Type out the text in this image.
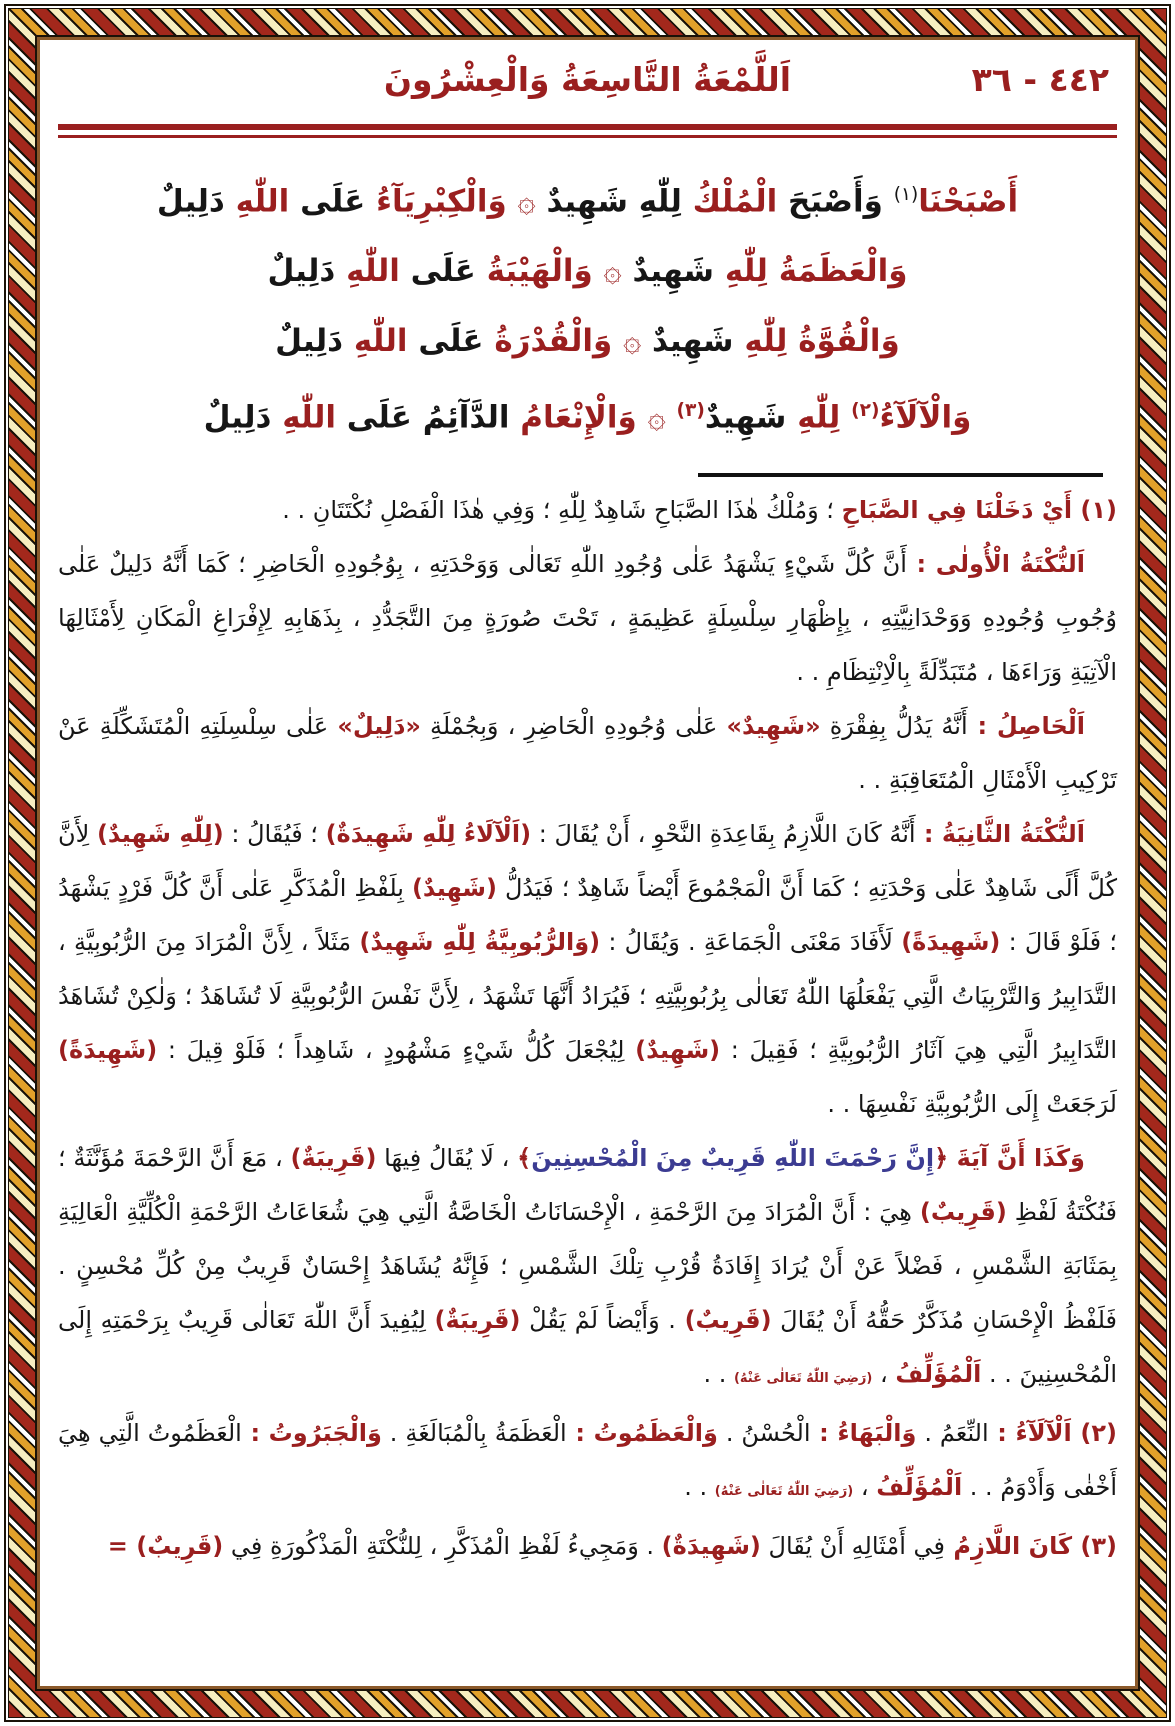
٤٤٢ - ٣٦
اَللَّمْعَةُ التَّاسِعَةُ وَالْعِشْرُونَ
أَصْبَحْنَا$^{(١)}$ وَأَصْبَحَ الْمُلْكُ لِلّٰهِ شَهِيدٌ ۞ وَالْكِبْرِيَآءُ عَلَى اللّٰهِ دَلِيلٌ
وَالْعَظَمَةُ لِلّٰهِ شَهِيدٌ ۞ وَالْهَيْبَةُ عَلَى اللّٰهِ دَلِيلٌ
وَالْقُوَّةُ لِلّٰهِ شَهِيدٌ ۞ وَالْقُدْرَةُ عَلَى اللّٰهِ دَلِيلٌ
وَالْآلَآءُ$^{(٢)}$ لِلّٰهِ شَهِيدٌ$^{(٣)}$ ۞ وَالْإِنْعَامُ الدَّآئِمُ عَلَى اللّٰهِ دَلِيلٌ

(١) أَيْ دَخَلْنَا فِي الصَّبَاحِ ؛ وَمُلْكُ هٰذَا الصَّبَاحِ شَاهِدٌ لِلّٰهِ ؛ وَفِي هٰذَا الْفَصْلِ نُكْتَتَانِ . .

اَلنُّكْتَةُ الْأُولٰى : أَنَّ كُلَّ شَيْءٍ يَشْهَدُ عَلٰى وُجُودِ اللّٰهِ تَعَالٰى وَوَحْدَتِهِ ، بِوُجُودِهِ الْحَاضِرِ ؛ كَمَا أَنَّهُ دَلِيلٌ عَلٰى وُجُوبِ وُجُودِهِ وَوَحْدَانِيَّتِهِ ، بِإِظْهَارِ سِلْسِلَةٍ عَظِيمَةٍ ، تَحْتَ صُورَةٍ مِنَ التَّجَدُّدِ ، بِذَهَابِهِ لِإِفْرَاغِ الْمَكَانِ لِأَمْثَالِهَا الْآتِيَةِ وَرَاءَهَا ، مُتَبَدِّلَةً بِالْاِنْتِظَامِ . .

اَلْحَاصِلُ : أَنَّهُ يَدُلُّ بِفِقْرَةِ «شَهِيدٌ» عَلٰى وُجُودِهِ الْحَاضِرِ ، وَبِجُمْلَةِ «دَلِيلٌ» عَلٰى سِلْسِلَتِهِ الْمُتَشَكِّلَةِ عَنْ تَرْكِيبِ الْأَمْثَالِ الْمُتَعَاقِبَةِ . .

اَلنُّكْتَةُ الثَّانِيَةُ : أَنَّهُ كَانَ اللَّازِمُ بِقَاعِدَةِ النَّحْوِ ، أَنْ يُقَالَ : (اَلْآلَاءُ لِلّٰهِ شَهِيدَةٌ) ؛ فَيُقَالُ : (لِلّٰهِ شَهِيدٌ) لِأَنَّ كُلَّ أَلًى شَاهِدٌ عَلٰى وَحْدَتِهِ ؛ كَمَا أَنَّ الْمَجْمُوعَ أَيْضاً شَاهِدٌ ؛ فَيَدُلُّ (شَهِيدٌ) بِلَفْظِ الْمُذَكَّرِ عَلٰى أَنَّ كُلَّ فَرْدٍ يَشْهَدُ ؛ فَلَوْ قَالَ : (شَهِيدَةً) لَأَفَادَ مَعْنَى الْجَمَاعَةِ . وَيُقَالُ : (وَالرُّبُوبِيَّةُ لِلّٰهِ شَهِيدٌ) مَثَلاً ، لِأَنَّ الْمُرَادَ مِنَ الرُّبُوبِيَّةِ ، التَّدَابِيرُ وَالتَّرْبِيَاتُ الَّتِي يَفْعَلُهَا اللّٰهُ تَعَالٰى بِرُبُوبِيَّتِهِ ؛ فَيُرَادُ أَنَّهَا تَشْهَدُ ، لِأَنَّ نَفْسَ الرُّبُوبِيَّةِ لَا تُشَاهَدُ ؛ وَلٰكِنْ تُشَاهَدُ التَّدَابِيرُ الَّتِي هِيَ آثَارُ الرُّبُوبِيَّةِ ؛ فَقِيلَ : (شَهِيدٌ) لِيُجْعَلَ كُلُّ شَيْءٍ مَشْهُودٍ ، شَاهِداً ؛ فَلَوْ قِيلَ : (شَهِيدَةً) لَرَجَعَتْ إِلَى الرُّبُوبِيَّةِ نَفْسِهَا . .

وَكَذَا أَنَّ آيَةَ ﴿إِنَّ رَحْمَتَ اللّٰهِ قَرِيبٌ مِنَ الْمُحْسِنِينَ﴾ ، لَا يُقَالُ فِيهَا (قَرِيبَةٌ) ، مَعَ أَنَّ الرَّحْمَةَ مُؤَنَّثَةٌ ؛ فَنُكْتَةُ لَفْظِ (قَرِيبٌ) هِيَ : أَنَّ الْمُرَادَ مِنَ الرَّحْمَةِ ، الْإِحْسَانَاتُ الْخَاصَّةُ الَّتِي هِيَ شُعَاعَاتُ الرَّحْمَةِ الْكُلِّيَّةِ الْعَالِيَةِ بِمَثَابَةِ الشَّمْسِ ، فَضْلاً عَنْ أَنْ يُرَادَ إِفَادَةُ قُرْبِ تِلْكَ الشَّمْسِ ؛ فَإِنَّهُ يُشَاهَدُ إِحْسَانٌ قَرِيبٌ مِنْ كُلِّ مُحْسِنٍ . فَلَفْظُ الْإِحْسَانِ مُذَكَّرٌ حَقُّهُ أَنْ يُقَالَ (قَرِيبٌ) . وَأَيْضاً لَمْ يَقُلْ (قَرِيبَةٌ) لِيُفِيدَ أَنَّ اللّٰهَ تَعَالٰى قَرِيبٌ بِرَحْمَتِهِ إِلَى الْمُحْسِنِينَ . . اَلْمُؤَلِّفُ ، (رَضِيَ اللّٰهُ تَعَالٰى عَنْهُ) . .

(٢) اَلْآلَآءُ : النِّعَمُ . وَالْبَهَاءُ : الْحُسْنُ . وَالْعَظَمُوتُ : الْعَظَمَةُ بِالْمُبَالَغَةِ . وَالْجَبَرُوتُ : الْعَظَمُوتُ الَّتِي هِيَ أَخْفٰى وَأَدْوَمُ . . اَلْمُؤَلِّفُ ، (رَضِيَ اللّٰهُ تَعَالٰى عَنْهُ) . .

(٣) كَانَ اللَّازِمُ فِي أَمْثَالِهِ أَنْ يُقَالَ (شَهِيدَةٌ) . وَمَجِيءُ لَفْظِ الْمُذَكَّرِ ، لِلنُّكْتَةِ الْمَذْكُورَةِ فِي (قَرِيبٌ) =
